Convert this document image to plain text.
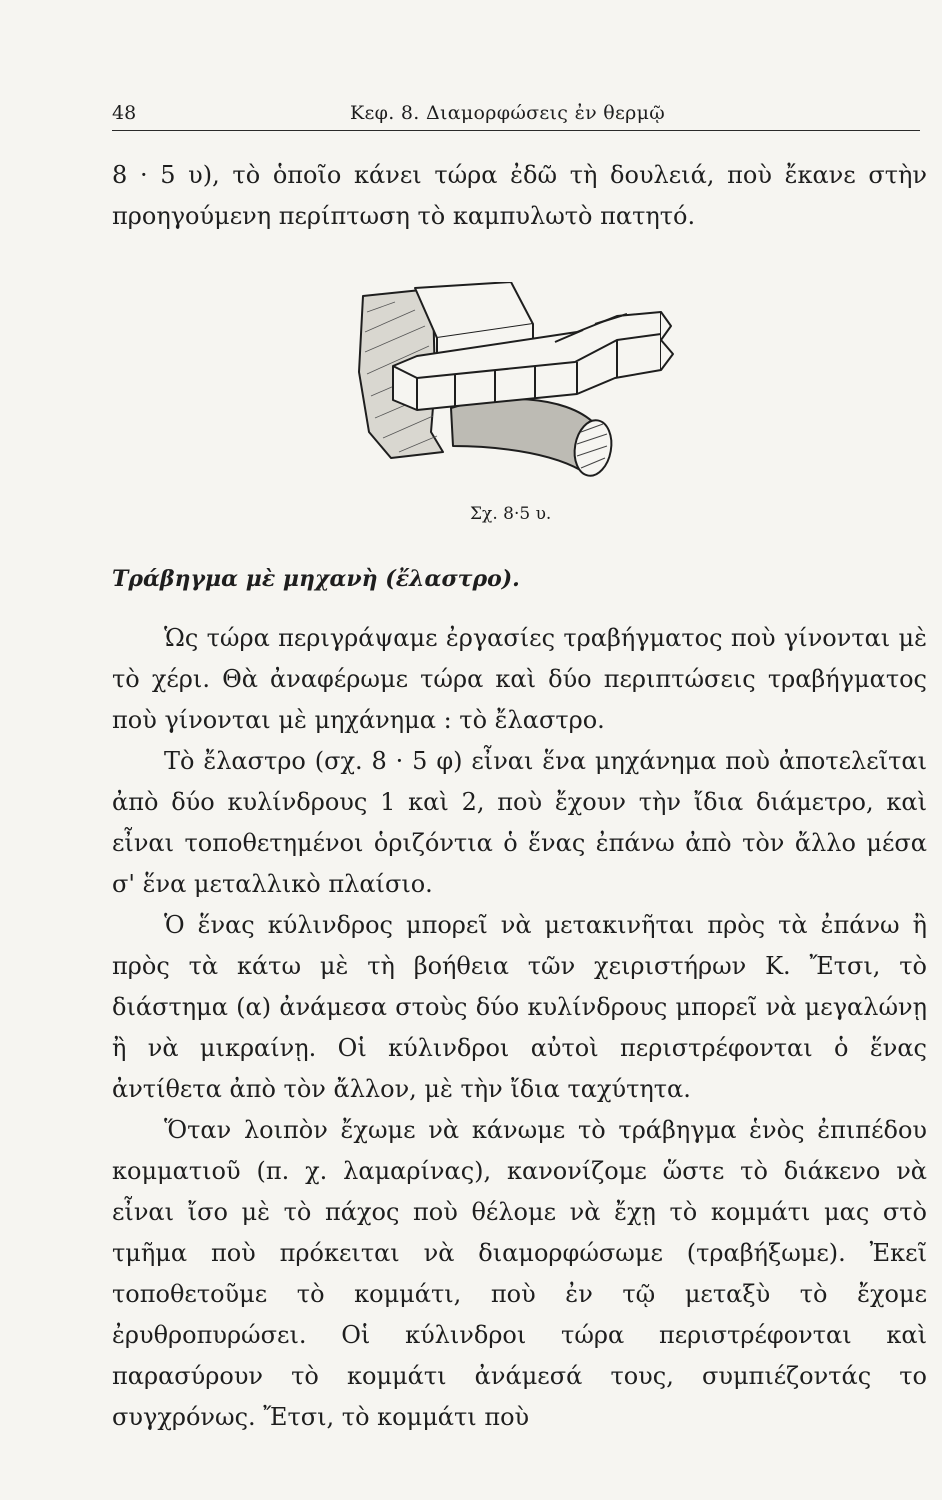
48	Κεφ. 8. Διαμορφώσεις ἐν θερμῷ

8 · 5 υ), τὸ ὁποῖο κάνει τώρα ἐδῶ τὴ δουλειά, ποὺ ἔκανε στὴν προηγούμενη περίπτωση τὸ καμπυλωτὸ πατητό.

Σχ. 8·5 υ.
Τράβηγμα μὲ μηχανὴ (ἔλαστρο).

Ὡς τώρα περιγράψαμε ἐργασίες τραβήγματος ποὺ γίνονται μὲ τὸ χέρι. Θὰ ἀναφέρωμε τώρα καὶ δύο περιπτώσεις τραβήγματος ποὺ γίνονται μὲ μηχάνημα : τὸ ἔλαστρο.

Τὸ ἔλαστρο (σχ. 8 · 5 φ) εἶναι ἕνα μηχάνημα ποὺ ἀποτελεῖται ἀπὸ δύο κυλίνδρους 1 καὶ 2, ποὺ ἔχουν τὴν ἴδια διάμετρο, καὶ εἶναι τοποθετημένοι ὁριζόντια ὁ ἕνας ἐπάνω ἀπὸ τὸν ἄλλο μέσα σ' ἕνα μεταλλικὸ πλαίσιο.

Ὁ ἕνας κύλινδρος μπορεῖ νὰ μετακινῆται πρὸς τὰ ἐπάνω ἢ πρὸς τὰ κάτω μὲ τὴ βοήθεια τῶν χειριστήρων Κ. Ἔτσι, τὸ διάστημα (α) ἀνάμεσα στοὺς δύο κυλίνδρους μπορεῖ νὰ μεγαλώνῃ ἢ νὰ μικραίνῃ. Οἱ κύλινδροι αὐτοὶ περιστρέφονται ὁ ἕνας ἀντίθετα ἀπὸ τὸν ἄλλον, μὲ τὴν ἴδια ταχύτητα.

Ὅταν λοιπὸν ἔχωμε νὰ κάνωμε τὸ τράβηγμα ἑνὸς ἐπιπέδου κομματιοῦ (π. χ. λαμαρίνας), κανονίζομε ὥστε τὸ διάκενο νὰ εἶναι ἴσο μὲ τὸ πάχος ποὺ θέλομε νὰ ἔχῃ τὸ κομμάτι μας στὸ τμῆμα ποὺ πρόκειται νὰ διαμορφώσωμε (τραβήξωμε). Ἐκεῖ τοποθετοῦμε τὸ κομμάτι, ποὺ ἐν τῷ μεταξὺ τὸ ἔχομε ἐρυθροπυρώσει. Οἱ κύλινδροι τώρα περιστρέφονται καὶ παρασύρουν τὸ κομμάτι ἀνάμεσά τους, συμπιέζοντάς το συγχρόνως. Ἔτσι, τὸ κομμάτι ποὺ
